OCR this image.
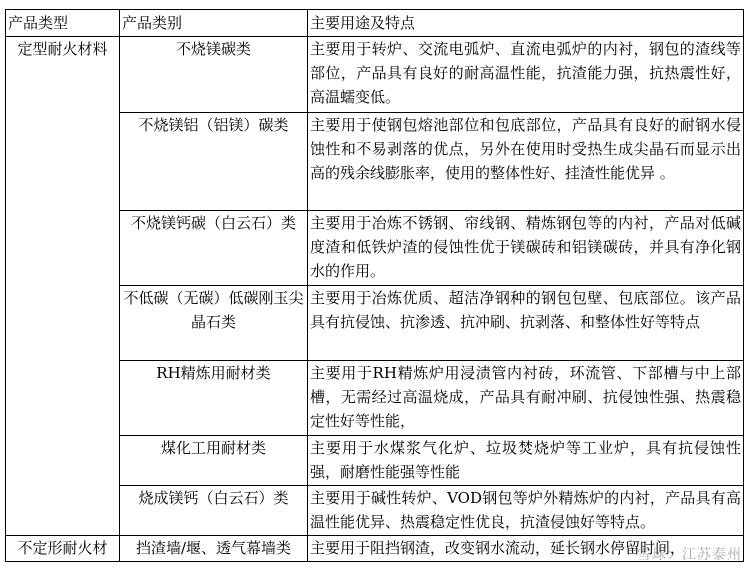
产品类型	产品类别	主要用途及特点
定型耐火材料	不烧镁碳类	主要用于转炉、交流电弧炉、直流电弧炉的内衬，钢包的渣线等部位，产品具有良好的耐高温性能，抗渣能力强，抗热震性好，高温蠕变低。
	不烧镁铝（铝镁）碳类	主要用于使钢包熔池部位和包底部位，产品具有良好的耐钢水侵蚀性和不易剥落的优点，另外在使用时受热生成尖晶石而显示出高的残余线膨胀率，使用的整体性好、挂渣性能优异 。
	不烧镁钙碳（白云石）类	主要用于冶炼不锈钢、帘线钢、精炼钢包等的内衬，产品对低碱度渣和低铁炉渣的侵蚀性优于镁碳砖和铝镁碳砖，并具有净化钢水的作用。
	不低碳（无碳）低碳刚玉尖晶石类	主要用于冶炼优质、超洁净钢种的钢包包壁、包底部位。该产品具有抗侵蚀、抗渗透、抗冲刷、抗剥落、和整体性好等特点
	RH精炼用耐材类	主要用于RH精炼炉用浸渍管内衬砖，环流管、下部槽与中上部槽，无需经过高温烧成，产品具有耐冲刷、抗侵蚀性强、热震稳定性好等性能，
	煤化工用耐材类	主要用于水煤浆气化炉、垃圾焚烧炉等工业炉，具有抗侵蚀性强，耐磨性能强等性能
	烧成镁钙（白云石）类	主要用于碱性转炉、VOD钢包等炉外精炼炉的内衬，产品具有高温性能优异、热震稳定性优良，抗渣侵蚀好等特点。
不定形耐火材	挡渣墙/堰、透气幕墙类	主要用于阻挡钢渣，改变钢水流动，延长钢水停留时间，
雪球：江苏泰州
